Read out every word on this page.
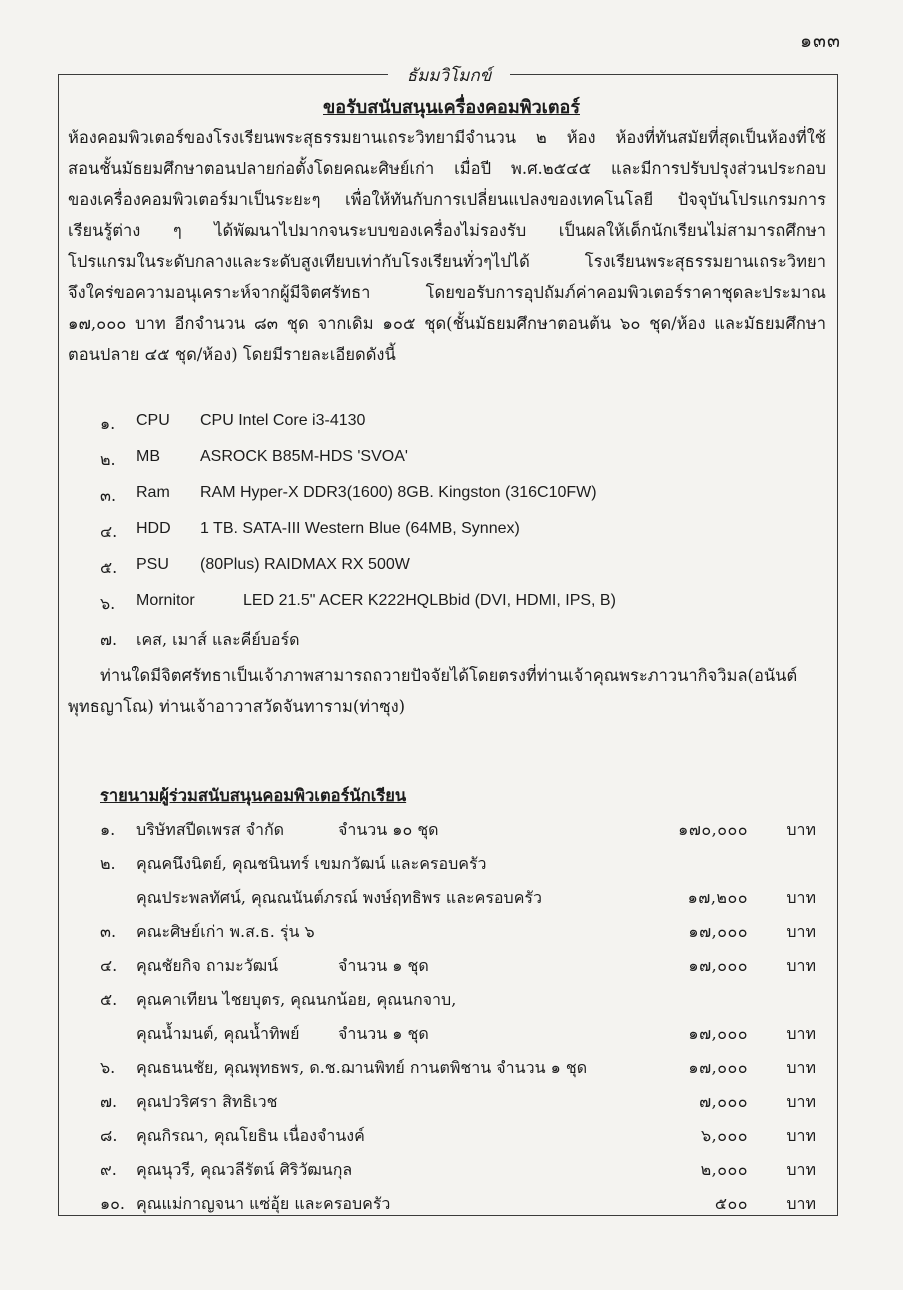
๑๓๓
ธัมมวิโมกข์
ขอรับสนับสนุนเครื่องคอมพิวเตอร์
ห้องคอมพิวเตอร์ของโรงเรียนพระสุธรรมยานเถระวิทยามีจำนวน ๒ ห้อง ห้องที่ทันสมัยที่สุดเป็นห้องที่ใช้
สอนชั้นมัธยมศึกษาตอนปลายก่อตั้งโดยคณะศิษย์เก่า เมื่อปี พ.ศ.๒๕๔๕ และมีการปรับปรุงส่วนประกอบ
ของเครื่องคอมพิวเตอร์มาเป็นระยะๆ เพื่อให้ทันกับการเปลี่ยนแปลงของเทคโนโลยี ปัจจุบันโปรแกรมการ
เรียนรู้ต่าง ๆ ได้พัฒนาไปมากจนระบบของเครื่องไม่รองรับ เป็นผลให้เด็กนักเรียนไม่สามารถศึกษา
โปรแกรมในระดับกลางและระดับสูงเทียบเท่ากับโรงเรียนทั่วๆไปได้ โรงเรียนพระสุธรรมยานเถระวิทยา
จึงใคร่ขอความอนุเคราะห์จากผู้มีจิตศรัทธา โดยขอรับการอุปถัมภ์ค่าคอมพิวเตอร์ราคาชุดละประมาณ
๑๗,๐๐๐ บาท อีกจำนวน ๘๓ ชุด จากเดิม ๑๐๕ ชุด(ชั้นมัธยมศึกษาตอนต้น ๖๐ ชุด/ห้อง และมัธยมศึกษา
ตอนปลาย ๔๕ ชุด/ห้อง) โดยมีรายละเอียดดังนี้
๑. CPU CPU Intel Core i3-4130
๒. MB	ASROCK B85M-HDS 'SVOA'
๓. Ram RAM Hyper-X DDR3(1600) 8GB. Kingston (316C10FW)
๔. HDD 1 TB. SATA-III Western Blue (64MB, Synnex)
๕. PSU (80Plus) RAIDMAX RX 500W
๖. Mornitor	LED 21.5" ACER K222HQLBbid (DVI, HDMI, IPS, B)
๗. เคส, เมาส์ และคีย์บอร์ด
ท่านใดมีจิตศรัทธาเป็นเจ้าภาพสามารถถวายปัจจัยได้โดยตรงที่ท่านเจ้าคุณพระภาวนากิจวิมล(อนันต์
พุทธญาโณ) ท่านเจ้าอาวาสวัดจันทาราม(ท่าซุง)
รายนามผู้ร่วมสนับสนุนคอมพิวเตอร์นักเรียน
๑. บริษัทสปีดเพรส จำกัด	จำนวน ๑๐ ชุด	๑๗๐,๐๐๐ บาท
๒. คุณคนึงนิตย์, คุณชนินทร์ เขมกวัฒน์ และครอบครัว
คุณประพลทัศน์, คุณณนันต์ภรณ์ พงษ์ฤทธิพร และครอบครัว	๑๗,๒๐๐ บาท
๓. คณะศิษย์เก่า พ.ส.ธ. รุ่น ๖	๑๗,๐๐๐ บาท
๔. คุณชัยกิจ ถามะวัฒน์	จำนวน ๑ ชุด	๑๗,๐๐๐ บาท
๕. คุณคาเทียน ไชยบุตร, คุณนกน้อย, คุณนกจาบ,
คุณน้ำมนต์, คุณน้ำทิพย์ จำนวน ๑ ชุด	๑๗,๐๐๐ บาท
๖. คุณธนนชัย, คุณพุทธพร, ด.ช.ฌานพิทย์ กานตพิชาน จำนวน ๑ ชุด	๑๗,๐๐๐ บาท
๗. คุณปวริศรา สิทธิเวช	๗,๐๐๐ บาท
๘. คุณกิรณา, คุณโยธิน เนื่องจำนงค์	๖,๐๐๐ บาท
๙. คุณนุวรี, คุณวลีรัตน์ ศิริวัฒนกุล	๒,๐๐๐ บาท
๑๐. คุณแม่กาญจนา แซ่อุ้ย และครอบครัว	๕๐๐ บาท
